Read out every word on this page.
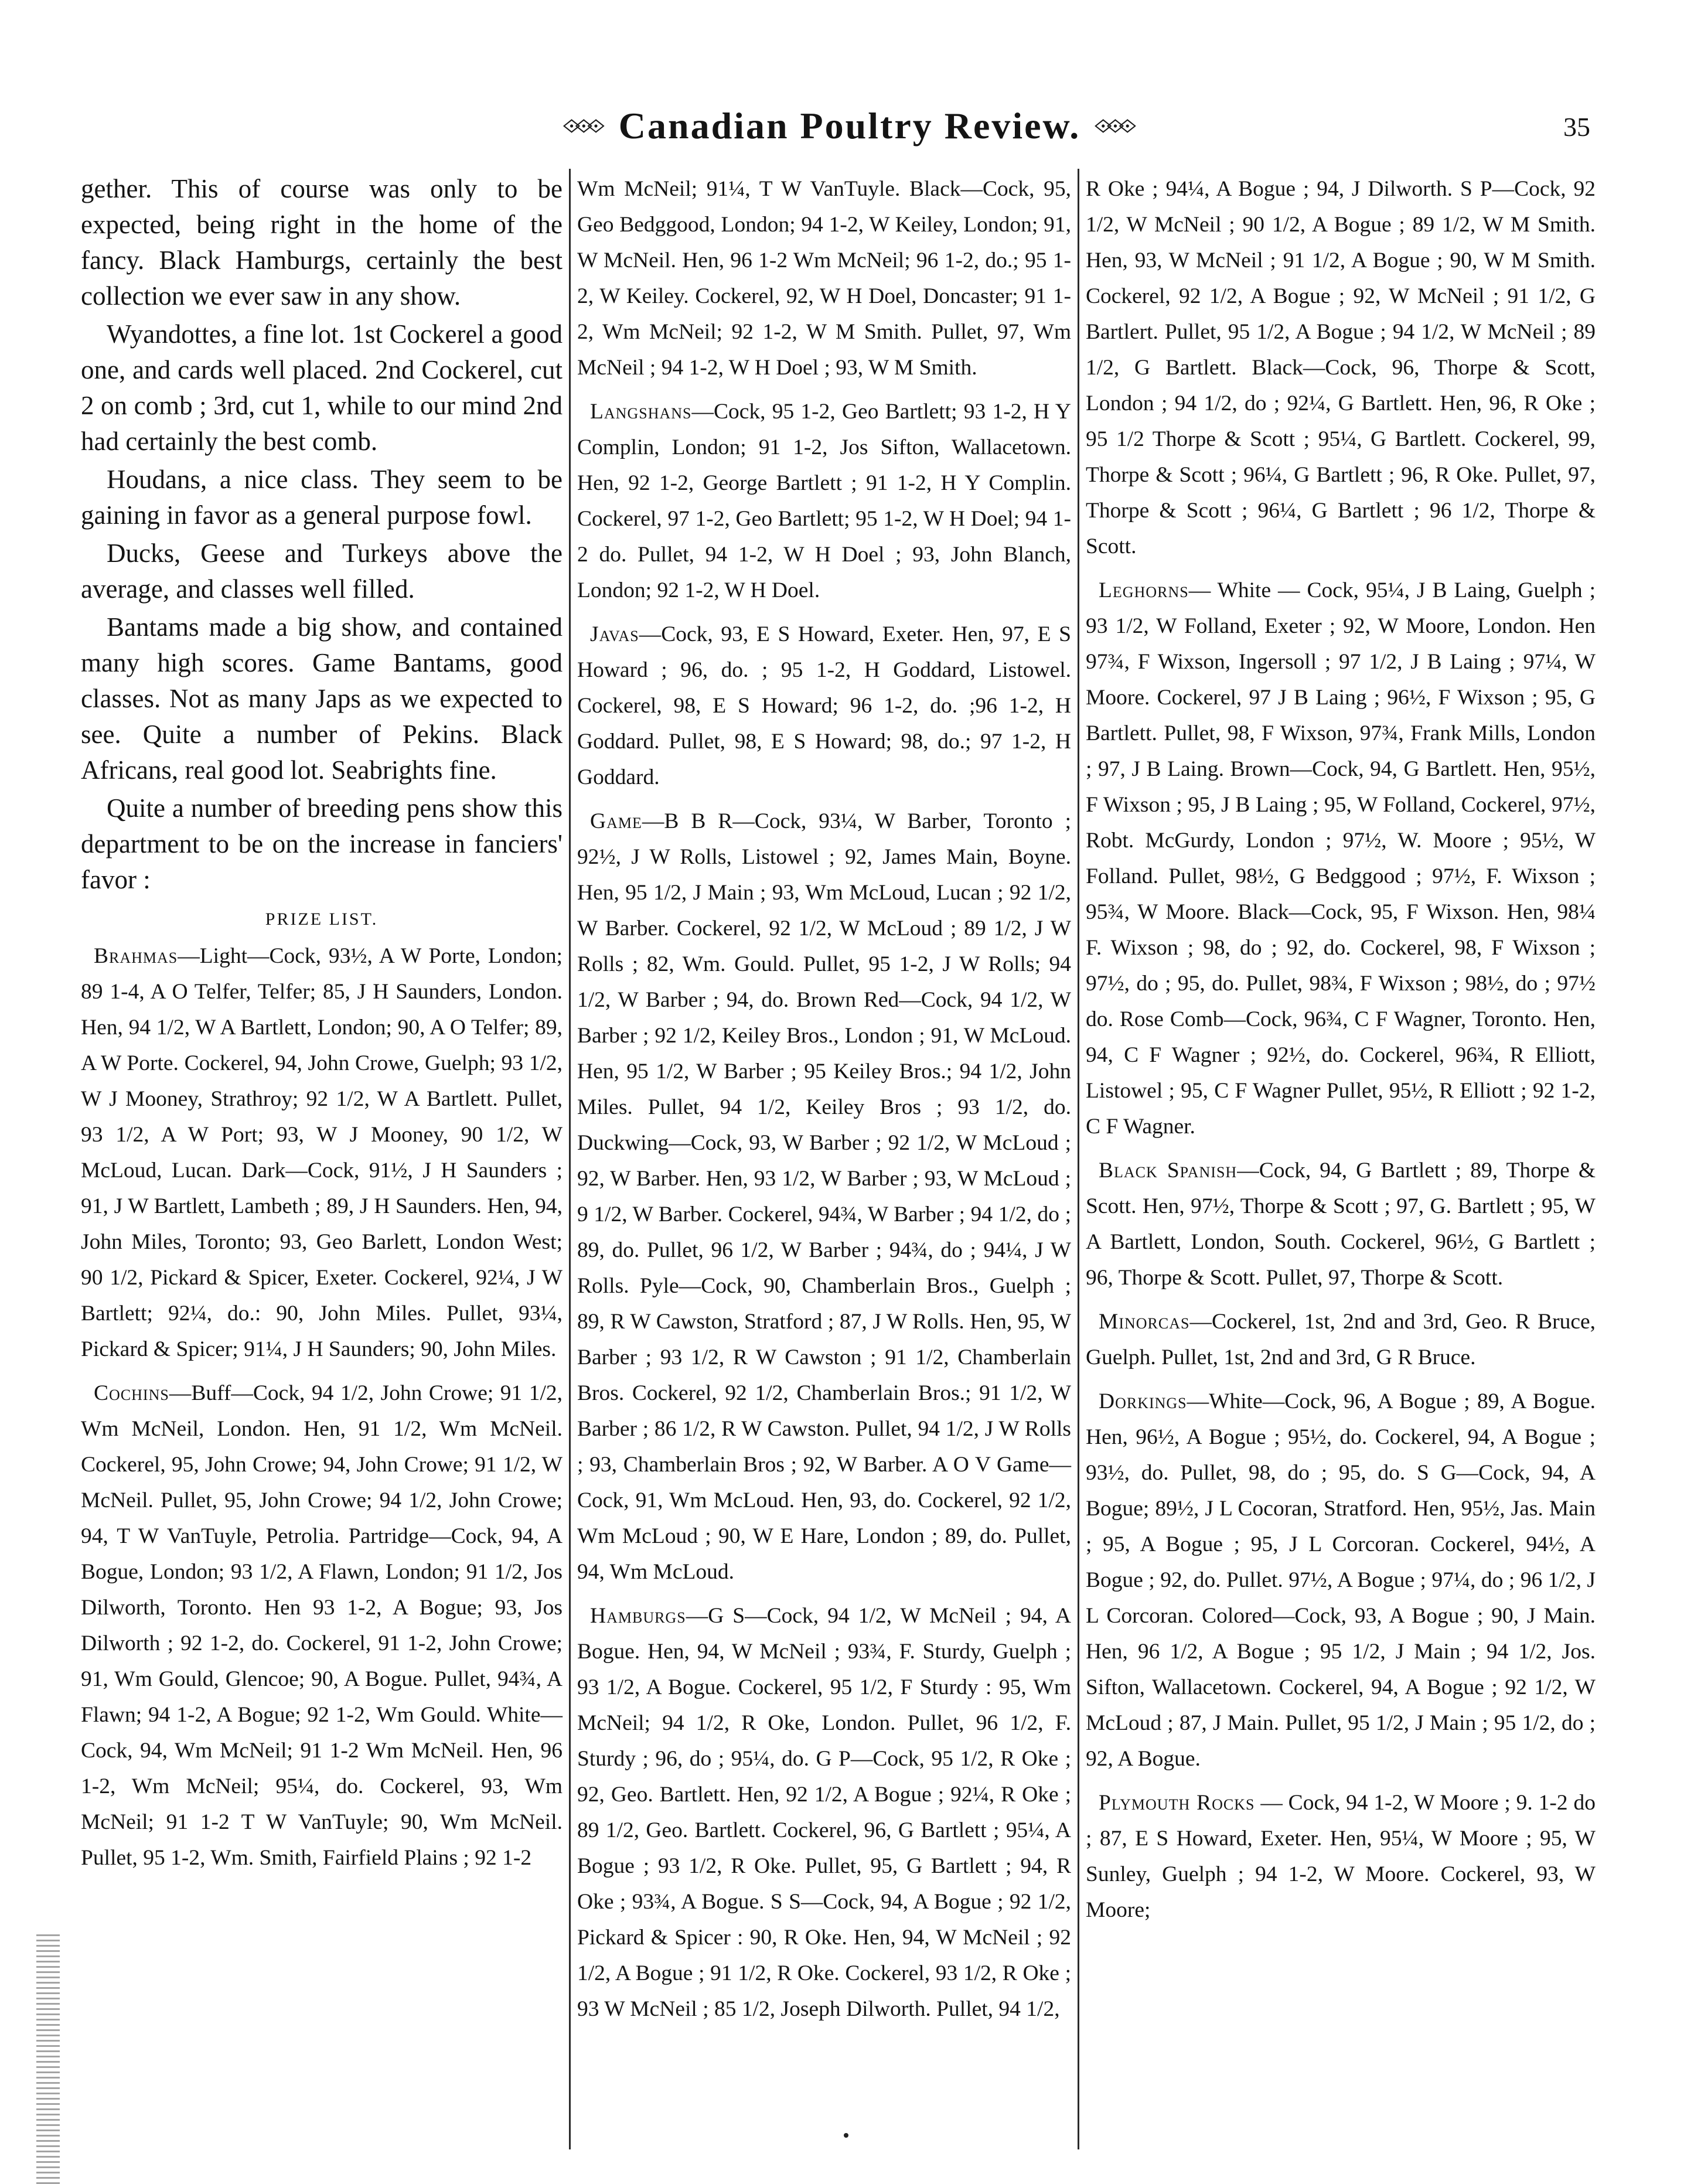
Canadian Poultry Review.	35

gether. This of course was only to be expected, being right in the home of the fancy. Black Hamburgs, certainly the best collection we ever saw in any show.

Wyandottes, a fine lot. 1st Cockerel a good one, and cards well placed. 2nd Cockerel, cut 2 on comb ; 3rd, cut 1, while to our mind 2nd had certainly the best comb.

Houdans, a nice class. They seem to be gaining in favor as a general purpose fowl.

Ducks, Geese and Turkeys above the average, and classes well filled.

Bantams made a big show, and contained many high scores. Game Bantams, good classes. Not as many Japs as we expected to see. Quite a number of Pekins. Black Africans, real good lot. Seabrights fine.

Quite a number of breeding pens show this department to be on the increase in fanciers' favor :

PRIZE LIST.

Brahmas—Light—Cock, 93½, A W Porte, London; 89 1-4, A O Telfer, Telfer; 85, J H Saunders, London. Hen, 94 1/2, W A Bartlett, London; 90, A O Telfer; 89, A W Porte. Cockerel, 94, John Crowe, Guelph; 93 1/2, W J Mooney, Strathroy; 92 1/2, W A Bartlett. Pullet, 93 1/2, A W Port; 93, W J Mooney, 90 1/2, W McLoud, Lucan. Dark—Cock, 91½, J H Saunders ; 91, J W Bartlett, Lambeth ; 89, J H Saunders. Hen, 94, John Miles, Toronto; 93, Geo Barlett, London West; 90 1/2, Pickard & Spicer, Exeter. Cockerel, 92¼, J W Bartlett; 92¼, do.: 90, John Miles. Pullet, 93¼, Pickard & Spicer; 91¼, J H Saunders; 90, John Miles.

Cochins—Buff—Cock, 94 1/2, John Crowe; 91 1/2, Wm McNeil, London. Hen, 91 1/2, Wm McNeil. Cockerel, 95, John Crowe; 94, John Crowe; 91 1/2, W McNeil. Pullet, 95, John Crowe; 94 1/2, John Crowe; 94, T W VanTuyle, Petrolia. Partridge—Cock, 94, A Bogue, London; 93 1/2, A Flawn, London; 91 1/2, Jos Dilworth, Toronto. Hen 93 1-2, A Bogue; 93, Jos Dilworth ; 92 1-2, do. Cockerel, 91 1-2, John Crowe; 91, Wm Gould, Glencoe; 90, A Bogue. Pullet, 94¾, A Flawn; 94 1-2, A Bogue; 92 1-2, Wm Gould. White—Cock, 94, Wm McNeil; 91 1-2 Wm McNeil. Hen, 96 1-2, Wm McNeil; 95¼, do. Cockerel, 93, Wm McNeil; 91 1-2 T W VanTuyle; 90, Wm McNeil. Pullet, 95 1-2, Wm. Smith, Fairfield Plains ; 92 1-2

Wm McNeil; 91¼, T W VanTuyle. Black—Cock, 95, Geo Bedggood, London; 94 1-2, W Keiley, London; 91, W McNeil. Hen, 96 1-2 Wm McNeil; 96 1-2, do.; 95 1-2, W Keiley. Cockerel, 92, W H Doel, Doncaster; 91 1-2, Wm McNeil; 92 1-2, W M Smith. Pullet, 97, Wm McNeil ; 94 1-2, W H Doel ; 93, W M Smith.

Langshans—Cock, 95 1-2, Geo Bartlett; 93 1-2, H Y Complin, London; 91 1-2, Jos Sifton, Wallacetown. Hen, 92 1-2, George Bartlett ; 91 1-2, H Y Complin. Cockerel, 97 1-2, Geo Bartlett; 95 1-2, W H Doel; 94 1-2 do. Pullet, 94 1-2, W H Doel ; 93, John Blanch, London; 92 1-2, W H Doel.

Javas—Cock, 93, E S Howard, Exeter. Hen, 97, E S Howard ; 96, do. ; 95 1-2, H Goddard, Listowel. Cockerel, 98, E S Howard; 96 1-2, do. ;96 1-2, H Goddard. Pullet, 98, E S Howard; 98, do.; 97 1-2, H Goddard.

Game—B B R—Cock, 93¼, W Barber, Toronto ; 92½, J W Rolls, Listowel ; 92, James Main, Boyne. Hen, 95 1/2, J Main ; 93, Wm McLoud, Lucan ; 92 1/2, W Barber. Cockerel, 92 1/2, W McLoud ; 89 1/2, J W Rolls ; 82, Wm. Gould. Pullet, 95 1-2, J W Rolls; 94 1/2, W Barber ; 94, do. Brown Red—Cock, 94 1/2, W Barber ; 92 1/2, Keiley Bros., London ; 91, W McLoud. Hen, 95 1/2, W Barber ; 95 Keiley Bros.; 94 1/2, John Miles. Pullet, 94 1/2, Keiley Bros ; 93 1/2, do. Duckwing—Cock, 93, W Barber ; 92 1/2, W McLoud ; 92, W Barber. Hen, 93 1/2, W Barber ; 93, W McLoud ; 9 1/2, W Barber. Cockerel, 94¾, W Barber ; 94 1/2, do ; 89, do. Pullet, 96 1/2, W Barber ; 94¾, do ; 94¼, J W Rolls. Pyle—Cock, 90, Chamberlain Bros., Guelph ; 89, R W Cawston, Stratford ; 87, J W Rolls. Hen, 95, W Barber ; 93 1/2, R W Cawston ; 91 1/2, Chamberlain Bros. Cockerel, 92 1/2, Chamberlain Bros.; 91 1/2, W Barber ; 86 1/2, R W Cawston. Pullet, 94 1/2, J W Rolls ; 93, Chamberlain Bros ; 92, W Barber. A O V Game—Cock, 91, Wm McLoud. Hen, 93, do. Cockerel, 92 1/2, Wm McLoud ; 90, W E Hare, London ; 89, do. Pullet, 94, Wm McLoud.

Hamburgs—G S—Cock, 94 1/2, W McNeil ; 94, A Bogue. Hen, 94, W McNeil ; 93¾, F. Sturdy, Guelph ; 93 1/2, A Bogue. Cockerel, 95 1/2, F Sturdy : 95, Wm McNeil; 94 1/2, R Oke, London. Pullet, 96 1/2, F. Sturdy ; 96, do ; 95¼, do. G P—Cock, 95 1/2, R Oke ; 92, Geo. Bartlett. Hen, 92 1/2, A Bogue ; 92¼, R Oke ; 89 1/2, Geo. Bartlett. Cockerel, 96, G Bartlett ; 95¼, A Bogue ; 93 1/2, R Oke. Pullet, 95, G Bartlett ; 94, R Oke ; 93¾, A Bogue. S S—Cock, 94, A Bogue ; 92 1/2, Pickard & Spicer : 90, R Oke. Hen, 94, W McNeil ; 92 1/2, A Bogue ; 91 1/2, R Oke. Cockerel, 93 1/2, R Oke ; 93 W McNeil ; 85 1/2, Joseph Dilworth. Pullet, 94 1/2,

R Oke ; 94¼, A Bogue ; 94, J Dilworth. S P—Cock, 92 1/2, W McNeil ; 90 1/2, A Bogue ; 89 1/2, W M Smith. Hen, 93, W McNeil ; 91 1/2, A Bogue ; 90, W M Smith. Cockerel, 92 1/2, A Bogue ; 92, W McNeil ; 91 1/2, G Bartlert. Pullet, 95 1/2, A Bogue ; 94 1/2, W McNeil ; 89 1/2, G Bartlett. Black—Cock, 96, Thorpe & Scott, London ; 94 1/2, do ; 92¼, G Bartlett. Hen, 96, R Oke ; 95 1/2 Thorpe & Scott ; 95¼, G Bartlett. Cockerel, 99, Thorpe & Scott ; 96¼, G Bartlett ; 96, R Oke. Pullet, 97, Thorpe & Scott ; 96¼, G Bartlett ; 96 1/2, Thorpe & Scott.

Leghorns— White — Cock, 95¼, J B Laing, Guelph ; 93 1/2, W Folland, Exeter ; 92, W Moore, London. Hen 97¾, F Wixson, Ingersoll ; 97 1/2, J B Laing ; 97¼, W Moore. Cockerel, 97 J B Laing ; 96½, F Wixson ; 95, G Bartlett. Pullet, 98, F Wixson, 97¾, Frank Mills, London ; 97, J B Laing. Brown—Cock, 94, G Bartlett. Hen, 95½, F Wixson ; 95, J B Laing ; 95, W Folland, Cockerel, 97½, Robt. McGurdy, London ; 97½, W. Moore ; 95½, W Folland. Pullet, 98½, G Bedggood ; 97½, F. Wixson ; 95¾, W Moore. Black—Cock, 95, F Wixson. Hen, 98¼ F. Wixson ; 98, do ; 92, do. Cockerel, 98, F Wixson ; 97½, do ; 95, do. Pullet, 98¾, F Wixson ; 98½, do ; 97½ do. Rose Comb—Cock, 96¾, C F Wagner, Toronto. Hen, 94, C F Wagner ; 92½, do. Cockerel, 96¾, R Elliott, Listowel ; 95, C F Wagner Pullet, 95½, R Elliott ; 92 1-2, C F Wagner.

Black Spanish—Cock, 94, G Bartlett ; 89, Thorpe & Scott. Hen, 97½, Thorpe & Scott ; 97, G. Bartlett ; 95, W A Bartlett, London, South. Cockerel, 96½, G Bartlett ; 96, Thorpe & Scott. Pullet, 97, Thorpe & Scott.

Minorcas—Cockerel, 1st, 2nd and 3rd, Geo. R Bruce, Guelph. Pullet, 1st, 2nd and 3rd, G R Bruce.

Dorkings—White—Cock, 96, A Bogue ; 89, A Bogue. Hen, 96½, A Bogue ; 95½, do. Cockerel, 94, A Bogue ; 93½, do. Pullet, 98, do ; 95, do. S G—Cock, 94, A Bogue; 89½, J L Cocoran, Stratford. Hen, 95½, Jas. Main ; 95, A Bogue ; 95, J L Corcoran. Cockerel, 94½, A Bogue ; 92, do. Pullet. 97½, A Bogue ; 97¼, do ; 96 1/2, J L Corcoran. Colored—Cock, 93, A Bogue ; 90, J Main. Hen, 96 1/2, A Bogue ; 95 1/2, J Main ; 94 1/2, Jos. Sifton, Wallacetown. Cockerel, 94, A Bogue ; 92 1/2, W McLoud ; 87, J Main. Pullet, 95 1/2, J Main ; 95 1/2, do ; 92, A Bogue.

Plymouth Rocks — Cock, 94 1-2, W Moore ; 9. 1-2 do ; 87, E S Howard, Exeter. Hen, 95¼, W Moore ; 95, W Sunley, Guelph ; 94 1-2, W Moore. Cockerel, 93, W Moore;
